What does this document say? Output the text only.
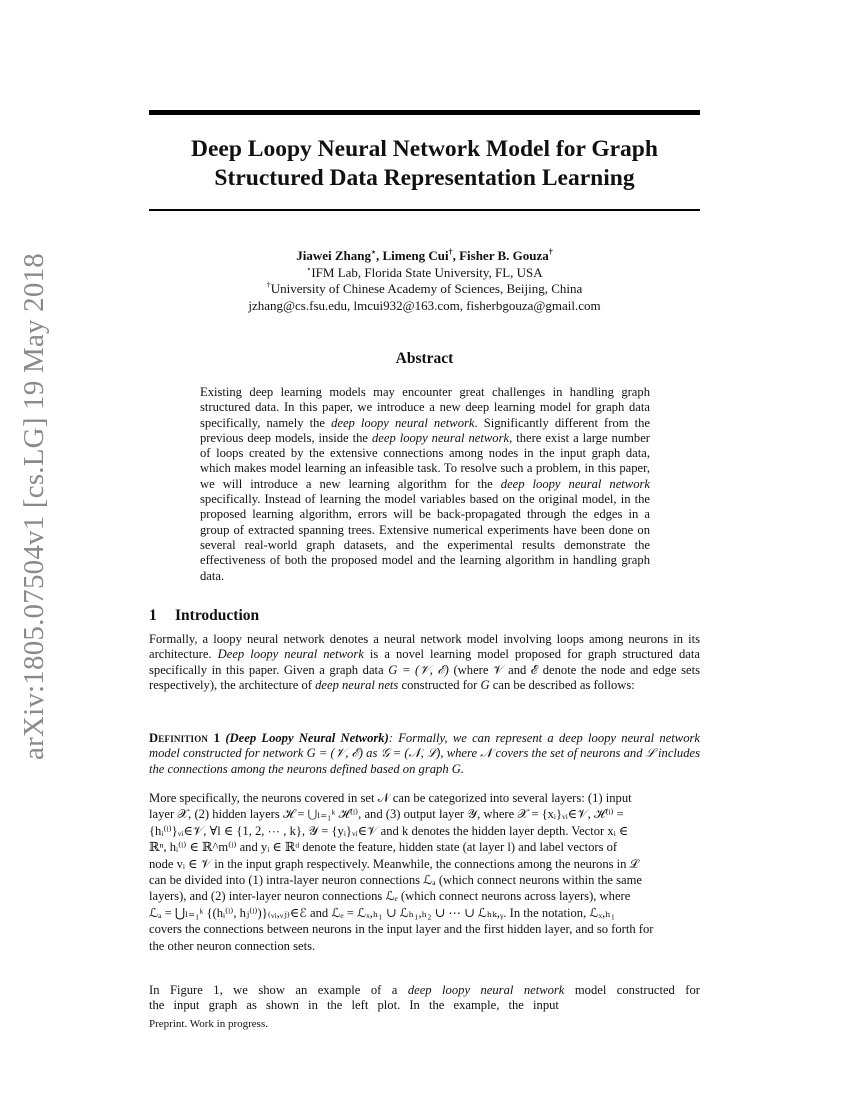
arXiv:1805.07504v1 [cs.LG] 19 May 2018
Deep Loopy Neural Network Model for Graph Structured Data Representation Learning
Jiawei Zhang⋆, Limeng Cui†, Fisher B. Gouza†
⋆IFM Lab, Florida State University, FL, USA
†University of Chinese Academy of Sciences, Beijing, China
jzhang@cs.fsu.edu, lmcui932@163.com, fisherbgouza@gmail.com
Abstract
Existing deep learning models may encounter great challenges in handling graph structured data. In this paper, we introduce a new deep learning model for graph data specifically, namely the deep loopy neural network. Significantly different from the previous deep models, inside the deep loopy neural network, there exist a large number of loops created by the extensive connections among nodes in the input graph data, which makes model learning an infeasible task. To resolve such a problem, in this paper, we will introduce a new learning algorithm for the deep loopy neural network specifically. Instead of learning the model variables based on the original model, in the proposed learning algorithm, errors will be back-propagated through the edges in a group of extracted spanning trees. Extensive numerical experiments have been done on several real-world graph datasets, and the experimental results demonstrate the effectiveness of both the proposed model and the learning algorithm in handling graph data.
1 Introduction
Formally, a loopy neural network denotes a neural network model involving loops among neurons in its architecture. Deep loopy neural network is a novel learning model proposed for graph structured data specifically in this paper. Given a graph data G = (𝒱, ℰ) (where 𝒱 and ℰ denote the node and edge sets respectively), the architecture of deep neural nets constructed for G can be described as follows:
Definition 1 (Deep Loopy Neural Network): Formally, we can represent a deep loopy neural network model constructed for network G = (𝒱, ℰ) as 𝒢 = (𝒩, ℒ), where 𝒩 covers the set of neurons and ℒ includes the connections among the neurons defined based on graph G.
More specifically, the neurons covered in set 𝒩 can be categorized into several layers: (1) input
layer 𝒳, (2) hidden layers ℋ = ⋃ₗ₌₁ᵏ ℋ⁽ˡ⁾, and (3) output layer 𝒴, where 𝒳 = {xᵢ}ᵥᵢ∈𝒱, ℋ⁽ˡ⁾ =
{hᵢ⁽ˡ⁾}ᵥᵢ∈𝒱, ∀l ∈ {1, 2, ⋯ , k}, 𝒴 = {yᵢ}ᵥᵢ∈𝒱 and k denotes the hidden layer depth. Vector xᵢ ∈
ℝⁿ, hᵢ⁽ˡ⁾ ∈ ℝ^m⁽ˡ⁾ and yᵢ ∈ ℝᵈ denote the feature, hidden state (at layer l) and label vectors of
node vᵢ ∈ 𝒱 in the input graph respectively. Meanwhile, the connections among the neurons in ℒ
can be divided into (1) intra-layer neuron connections ℒₐ (which connect neurons within the same
layers), and (2) inter-layer neuron connections ℒₑ (which connect neurons across layers), where
ℒₐ = ⋃ₗ₌₁ᵏ {(hᵢ⁽ˡ⁾, hⱼ⁽ˡ⁾)}₍ᵥᵢ,ᵥⱼ₎∈ℰ and ℒₑ = ℒₓ,ₕ₁ ∪ ℒₕ₁,ₕ₂ ∪ ⋯ ∪ ℒₕₖ,ᵧ. In the notation, ℒₓ,ₕ₁
covers the connections between neurons in the input layer and the first hidden layer, and so forth for
the other neuron connection sets.
In Figure 1, we show an example of a deep loopy neural network model constructed for the input graph as shown in the left plot. In the example, the input
Preprint. Work in progress.
